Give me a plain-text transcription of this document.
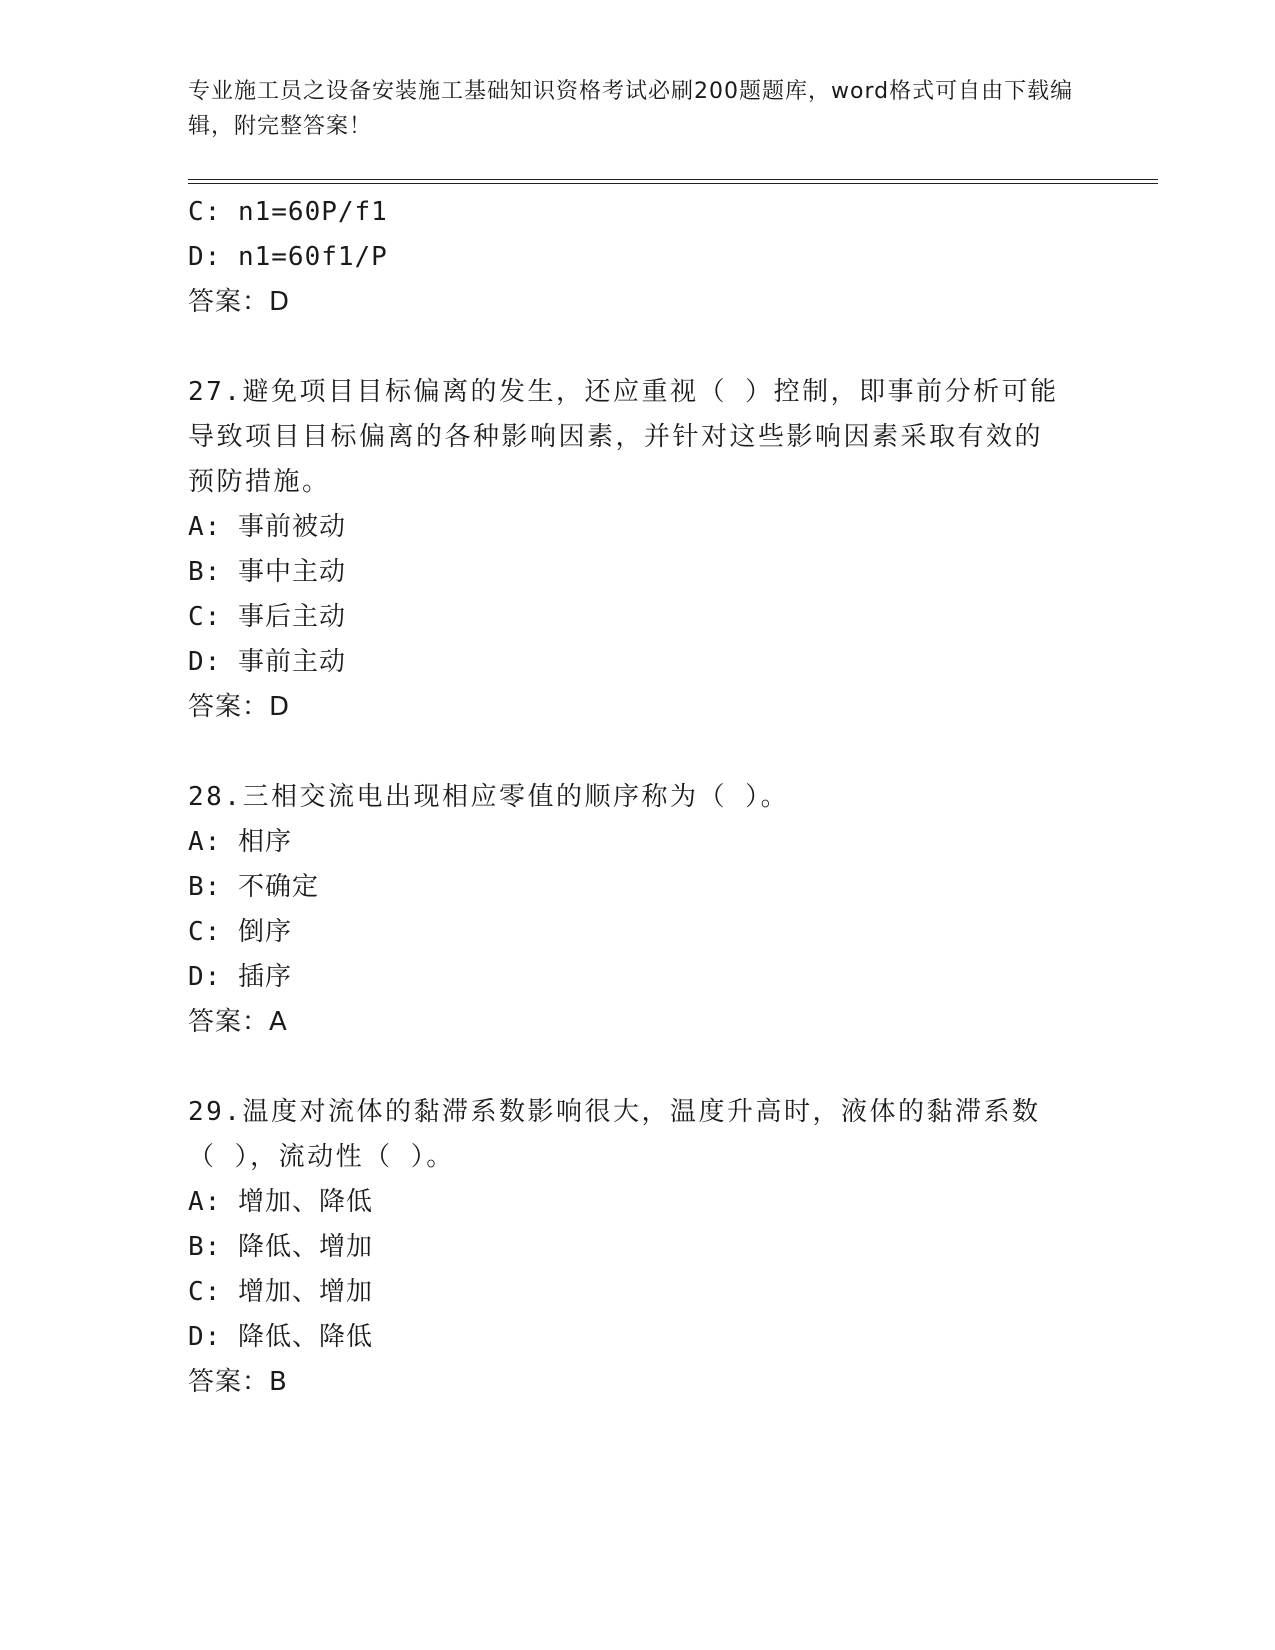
专业施工员之设备安装施工基础知识资格考试必刷200题题库，word格式可自由下载编辑，附完整答案！
C: n1=60P/f1
D: n1=60f1/P
答案：D
27.避免项目目标偏离的发生，还应重视（ ）控制，即事前分析可能导致项目目标偏离的各种影响因素，并针对这些影响因素采取有效的预防措施。
A: 事前被动
B: 事中主动
C: 事后主动
D: 事前主动
答案：D
28.三相交流电出现相应零值的顺序称为（ ）。
A: 相序
B: 不确定
C: 倒序
D: 插序
答案：A
29.温度对流体的黏滞系数影响很大，温度升高时，液体的黏滞系数（ ），流动性（ ）。
A: 增加、降低
B: 降低、增加
C: 增加、增加
D: 降低、降低
答案：B
